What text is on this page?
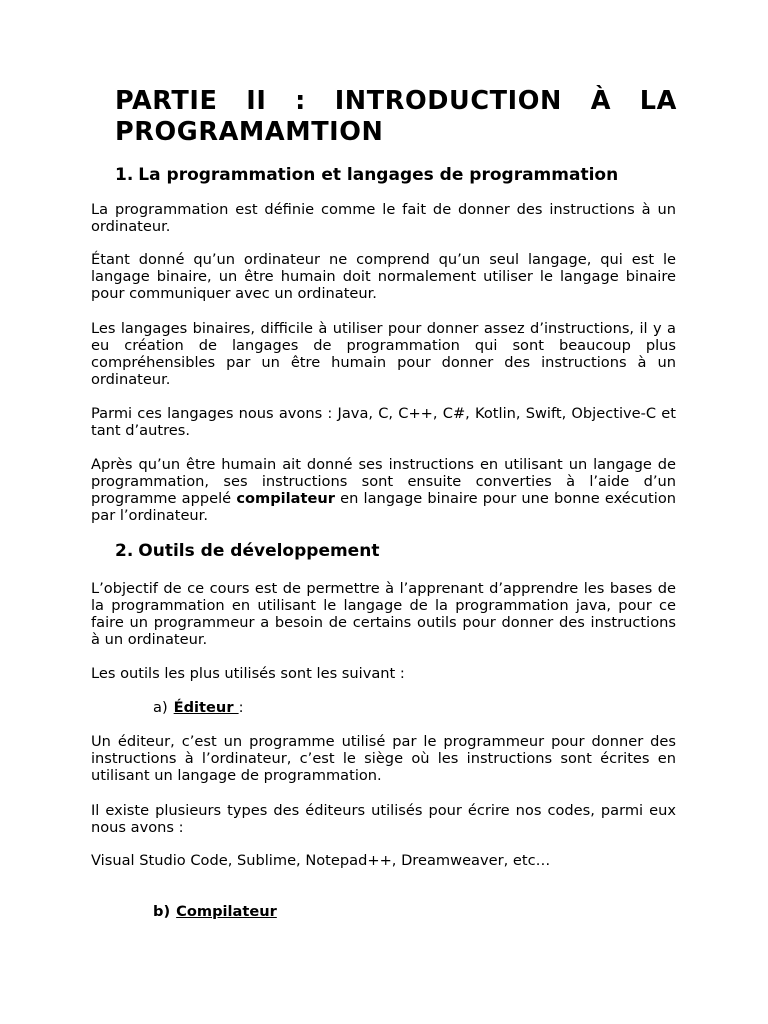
PARTIE II : INTRODUCTION À LA
PROGRAMAMTION
1. La programmation et langages de programmation

La programmation est définie comme le fait de donner des instructions à un ordinateur.

Étant donné qu’un ordinateur ne comprend qu’un seul langage, qui est le langage binaire, un être humain doit normalement utiliser le langage binaire pour communiquer avec un ordinateur.

Les langages binaires, difficile à utiliser pour donner assez d’instructions, il y a eu création de langages de programmation qui sont beaucoup plus compréhensibles par un être humain pour donner des instructions à un ordinateur.

Parmi ces langages nous avons : Java, C, C++, C#, Kotlin, Swift, Objective-C et tant d’autres.

Après qu’un être humain ait donné ses instructions en utilisant un langage de programmation, ses instructions sont ensuite converties à l’aide d’un programme appelé compilateur en langage binaire pour une bonne exécution par l’ordinateur.

2. Outils de développement

L’objectif de ce cours est de permettre à l’apprenant d’apprendre les bases de la programmation en utilisant le langage de la programmation java, pour ce faire un programmeur a besoin de certains outils pour donner des instructions à un ordinateur.

Les outils les plus utilisés sont les suivant :

a) Éditeur :

Un éditeur, c’est un programme utilisé par le programmeur pour donner des instructions à l’ordinateur, c’est le siège où les instructions sont écrites en utilisant un langage de programmation.

Il existe plusieurs types des éditeurs utilisés pour écrire nos codes, parmi eux nous avons :

Visual Studio Code, Sublime, Notepad++, Dreamweaver, etc…

b) Compilateur
